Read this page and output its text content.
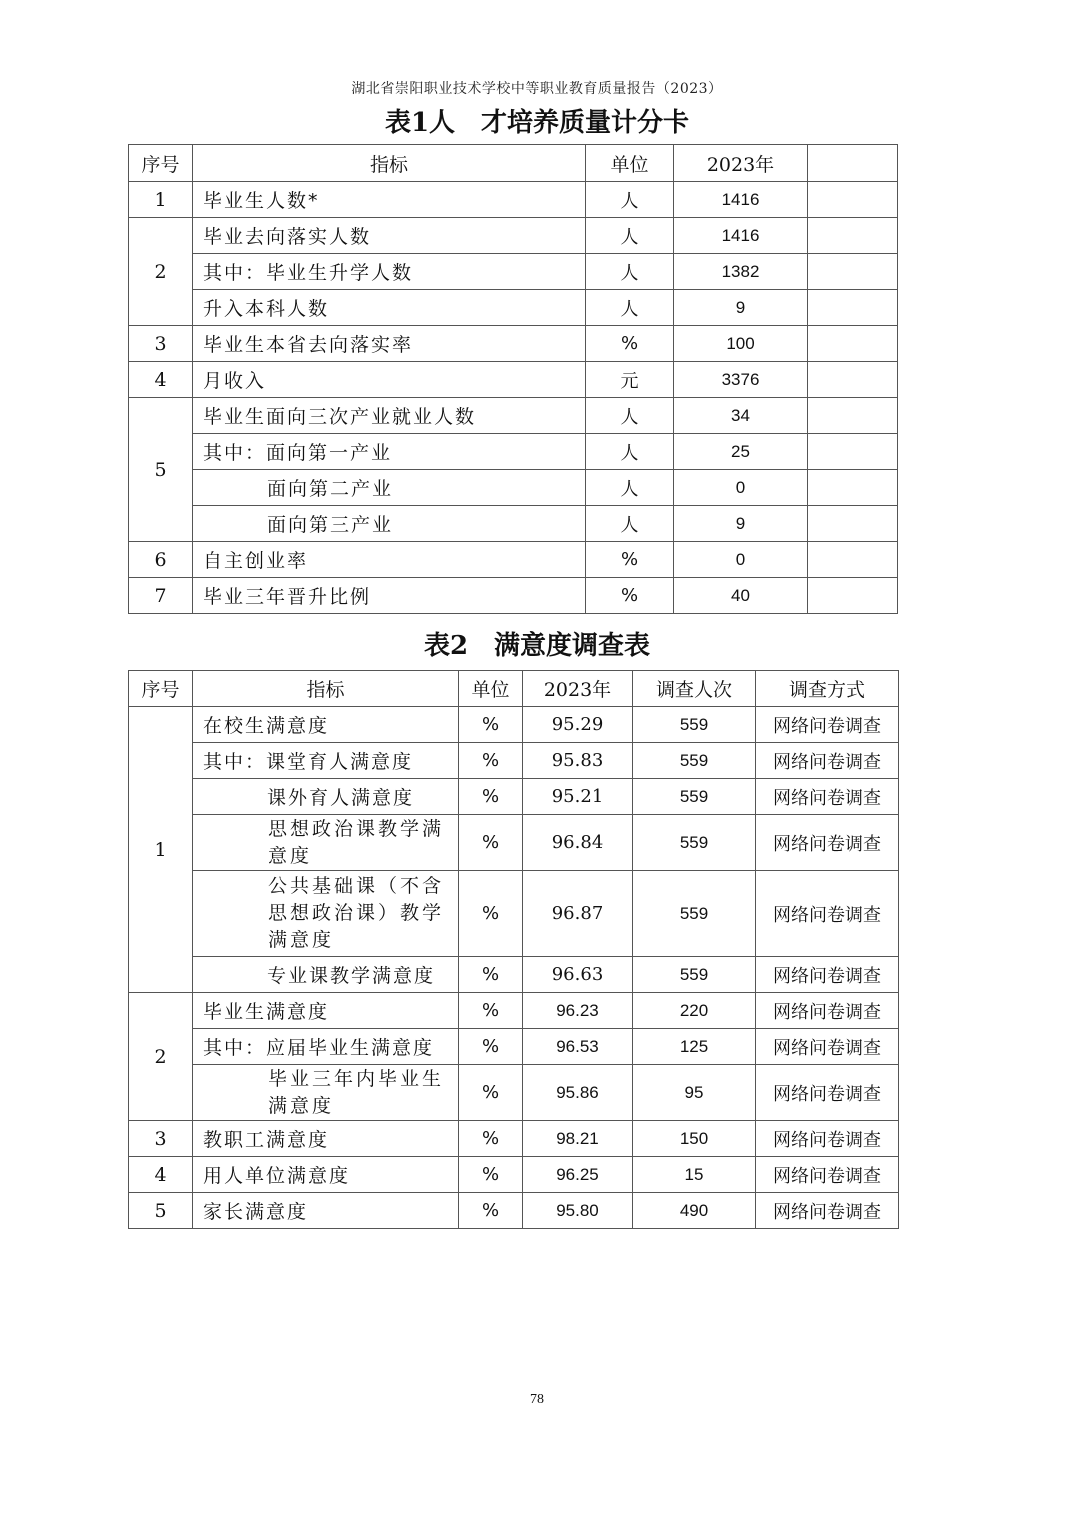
湖北省崇阳职业技术学校中等职业教育质量报告（2023）
表1人　才培养质量计分卡
序号	指标	单位	2023年	
1	毕业生人数*	人	1416	
2	毕业去向落实人数	人	1416	
	其中：毕业生升学人数	人	1382	
	升入本科人数	人	9	
3	毕业生本省去向落实率	%	100	
4	月收入	元	3376	
5	毕业生面向三次产业就业人数	人	34	
	其中：面向第一产业	人	25	
	面向第二产业	人	0	
	面向第三产业	人	9	
6	自主创业率	%	0	
7	毕业三年晋升比例	%	40	
表2　满意度调查表
序号	指标	单位	2023年	调查人次	调查方式
1	在校生满意度	%	95.29	559	网络问卷调查
	其中：课堂育人满意度	%	95.83	559	网络问卷调查
	课外育人满意度	%	95.21	559	网络问卷调查
	思想政治课教学满意度	%	96.84	559	网络问卷调查
	公共基础课（不含思想政治课）教学满意度	%	96.87	559	网络问卷调查
	专业课教学满意度	%	96.63	559	网络问卷调查
2	毕业生满意度	%	96.23	220	网络问卷调查
	其中：应届毕业生满意度	%	96.53	125	网络问卷调查
	毕业三年内毕业生满意度	%	95.86	95	网络问卷调查
3	教职工满意度	%	98.21	150	网络问卷调查
4	用人单位满意度	%	96.25	15	网络问卷调查
5	家长满意度	%	95.80	490	网络问卷调查
78
